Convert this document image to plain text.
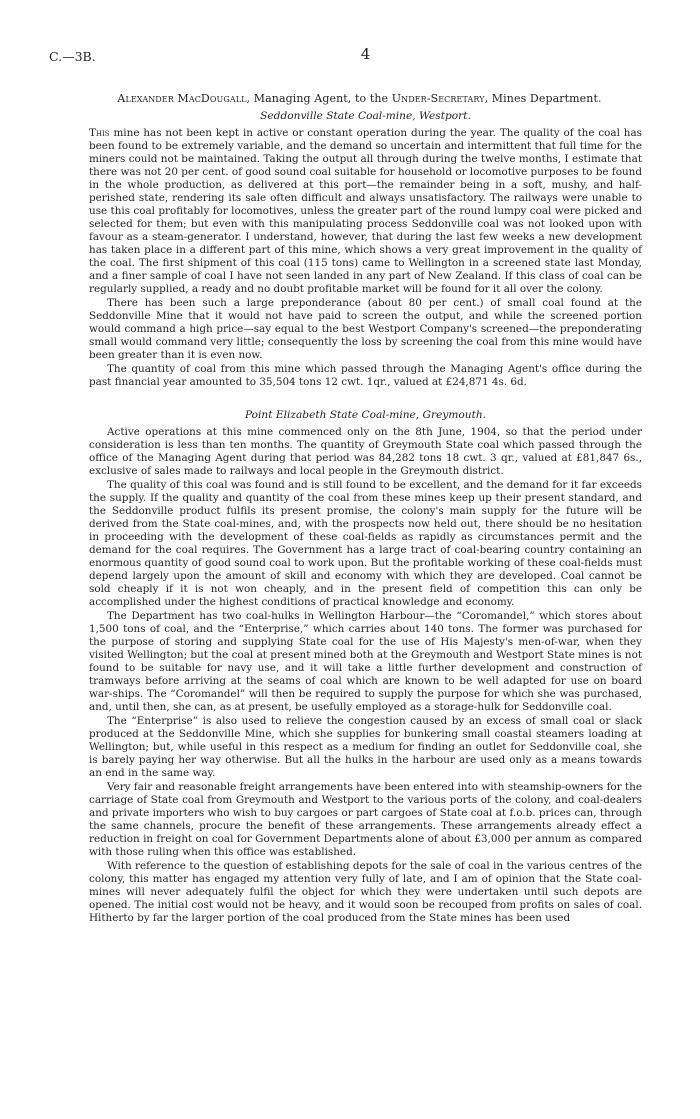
C.—3B.	4
Alexander MacDougall, Managing Agent, to the Under-Secretary, Mines Department.
Seddonville State Coal-mine, Westport.

This mine has not been kept in active or constant operation during the year. The quality of the coal has been found to be extremely variable, and the demand so uncertain and intermittent that full time for the miners could not be maintained. Taking the output all through during the twelve months, I estimate that there was not 20 per cent. of good sound coal suitable for household or locomotive purposes to be found in the whole production, as delivered at this port—the remainder being in a soft, mushy, and half-perished state, rendering its sale often difficult and always unsatisfactory. The railways were unable to use this coal profitably for locomotives, unless the greater part of the round lumpy coal were picked and selected for them; but even with this manipulating process Seddonville coal was not looked upon with favour as a steam-generator. I understand, however, that during the last few weeks a new development has taken place in a different part of this mine, which shows a very great improvement in the quality of the coal. The first shipment of this coal (115 tons) came to Wellington in a screened state last Monday, and a finer sample of coal I have not seen landed in any part of New Zealand. If this class of coal can be regularly supplied, a ready and no doubt profitable market will be found for it all over the colony.

There has been such a large preponderance (about 80 per cent.) of small coal found at the Seddonville Mine that it would not have paid to screen the output, and while the screened portion would command a high price—say equal to the best Westport Company's screened—the preponderating small would command very little; consequently the loss by screening the coal from this mine would have been greater than it is even now.

The quantity of coal from this mine which passed through the Managing Agent's office during the past financial year amounted to 35,504 tons 12 cwt. 1qr., valued at £24,871 4s. 6d.

Point Elizabeth State Coal-mine, Greymouth.

Active operations at this mine commenced only on the 8th June, 1904, so that the period under consideration is less than ten months. The quantity of Greymouth State coal which passed through the office of the Managing Agent during that period was 84,282 tons 18 cwt. 3 qr., valued at £81,847 6s., exclusive of sales made to railways and local people in the Greymouth district.

The quality of this coal was found and is still found to be excellent, and the demand for it far exceeds the supply. If the quality and quantity of the coal from these mines keep up their present standard, and the Seddonville product fulfils its present promise, the colony's main supply for the future will be derived from the State coal-mines, and, with the prospects now held out, there should be no hesitation in proceeding with the development of these coal-fields as rapidly as circumstances permit and the demand for the coal requires. The Government has a large tract of coal-bearing country containing an enormous quantity of good sound coal to work upon. But the profitable working of these coal-fields must depend largely upon the amount of skill and economy with which they are developed. Coal cannot be sold cheaply if it is not won cheaply, and in the present field of competition this can only be accomplished under the highest conditions of practical knowledge and economy.

The Department has two coal-hulks in Wellington Harbour—the “Coromandel,” which stores about 1,500 tons of coal, and the “Enterprise,” which carries about 140 tons. The former was purchased for the purpose of storing and supplying State coal for the use of His Majesty's men-of-war, when they visited Wellington; but the coal at present mined both at the Greymouth and Westport State mines is not found to be suitable for navy use, and it will take a little further development and construction of tramways before arriving at the seams of coal which are known to be well adapted for use on board war-ships. The “Coromandel” will then be required to supply the purpose for which she was purchased, and, until then, she can, as at present, be usefully employed as a storage-hulk for Seddonville coal.

The “Enterprise” is also used to relieve the congestion caused by an excess of small coal or slack produced at the Seddonville Mine, which she supplies for bunkering small coastal steamers loading at Wellington; but, while useful in this respect as a medium for finding an outlet for Seddonville coal, she is barely paying her way otherwise. But all the hulks in the harbour are used only as a means towards an end in the same way.

Very fair and reasonable freight arrangements have been entered into with steamship-owners for the carriage of State coal from Greymouth and Westport to the various ports of the colony, and coal-dealers and private importers who wish to buy cargoes or part cargoes of State coal at f.o.b. prices can, through the same channels, procure the benefit of these arrangements. These arrangements already effect a reduction in freight on coal for Government Departments alone of about £3,000 per annum as compared with those ruling when this office was established.

With reference to the question of establishing depots for the sale of coal in the various centres of the colony, this matter has engaged my attention very fully of late, and I am of opinion that the State coal-mines will never adequately fulfil the object for which they were undertaken until such depots are opened. The initial cost would not be heavy, and it would soon be recouped from profits on sales of coal. Hitherto by far the larger portion of the coal produced from the State mines has been used
